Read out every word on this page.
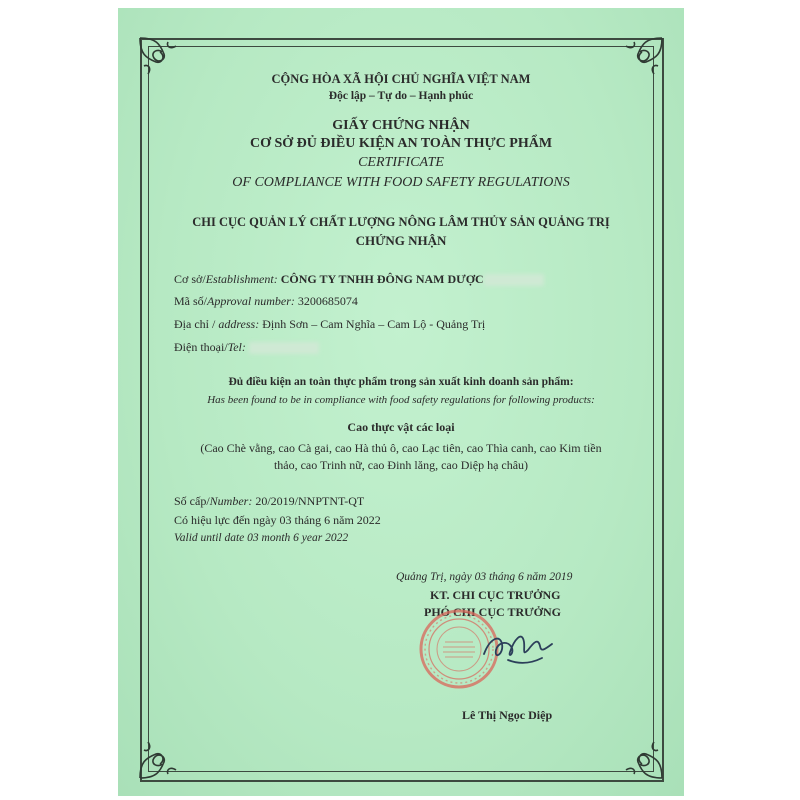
CỘNG HÒA XÃ HỘI CHỦ NGHĨA VIỆT NAM
Độc lập – Tự do – Hạnh phúc
GIẤY CHỨNG NHẬN
CƠ SỞ ĐỦ ĐIỀU KIỆN AN TOÀN THỰC PHẨM
CERTIFICATE
OF COMPLIANCE WITH FOOD SAFETY REGULATIONS
CHI CỤC QUẢN LÝ CHẤT LƯỢNG NÔNG LÂM THỦY SẢN QUẢNG TRỊ
CHỨNG NHẬN
Cơ sở/Establishment: CÔNG TY TNHH ĐÔNG NAM DƯỢC
Mã số/Approval number: 3200685074
Địa chỉ / address: Định Sơn – Cam Nghĩa – Cam Lộ - Quảng Trị
Điện thoại/Tel:
Đủ điều kiện an toàn thực phẩm trong sản xuất kinh doanh sản phẩm:
Has been found to be in compliance with food safety regulations for following products:
Cao thực vật các loại
(Cao Chè vằng, cao Cà gai, cao Hà thủ ô, cao Lạc tiên, cao Thìa canh, cao Kim tiền
thảo, cao Trinh nữ, cao Đinh lăng, cao Diệp hạ châu)
Số cấp/Number: 20/2019/NNPTNT-QT
Có hiệu lực đến ngày 03 tháng 6 năm 2022
Valid until date 03 month 6 year 2022
Quảng Trị, ngày 03 tháng 6 năm 2019
KT. CHI CỤC TRƯỞNG
PHÓ CHI CỤC TRƯỞNG
Lê Thị Ngọc Diệp
